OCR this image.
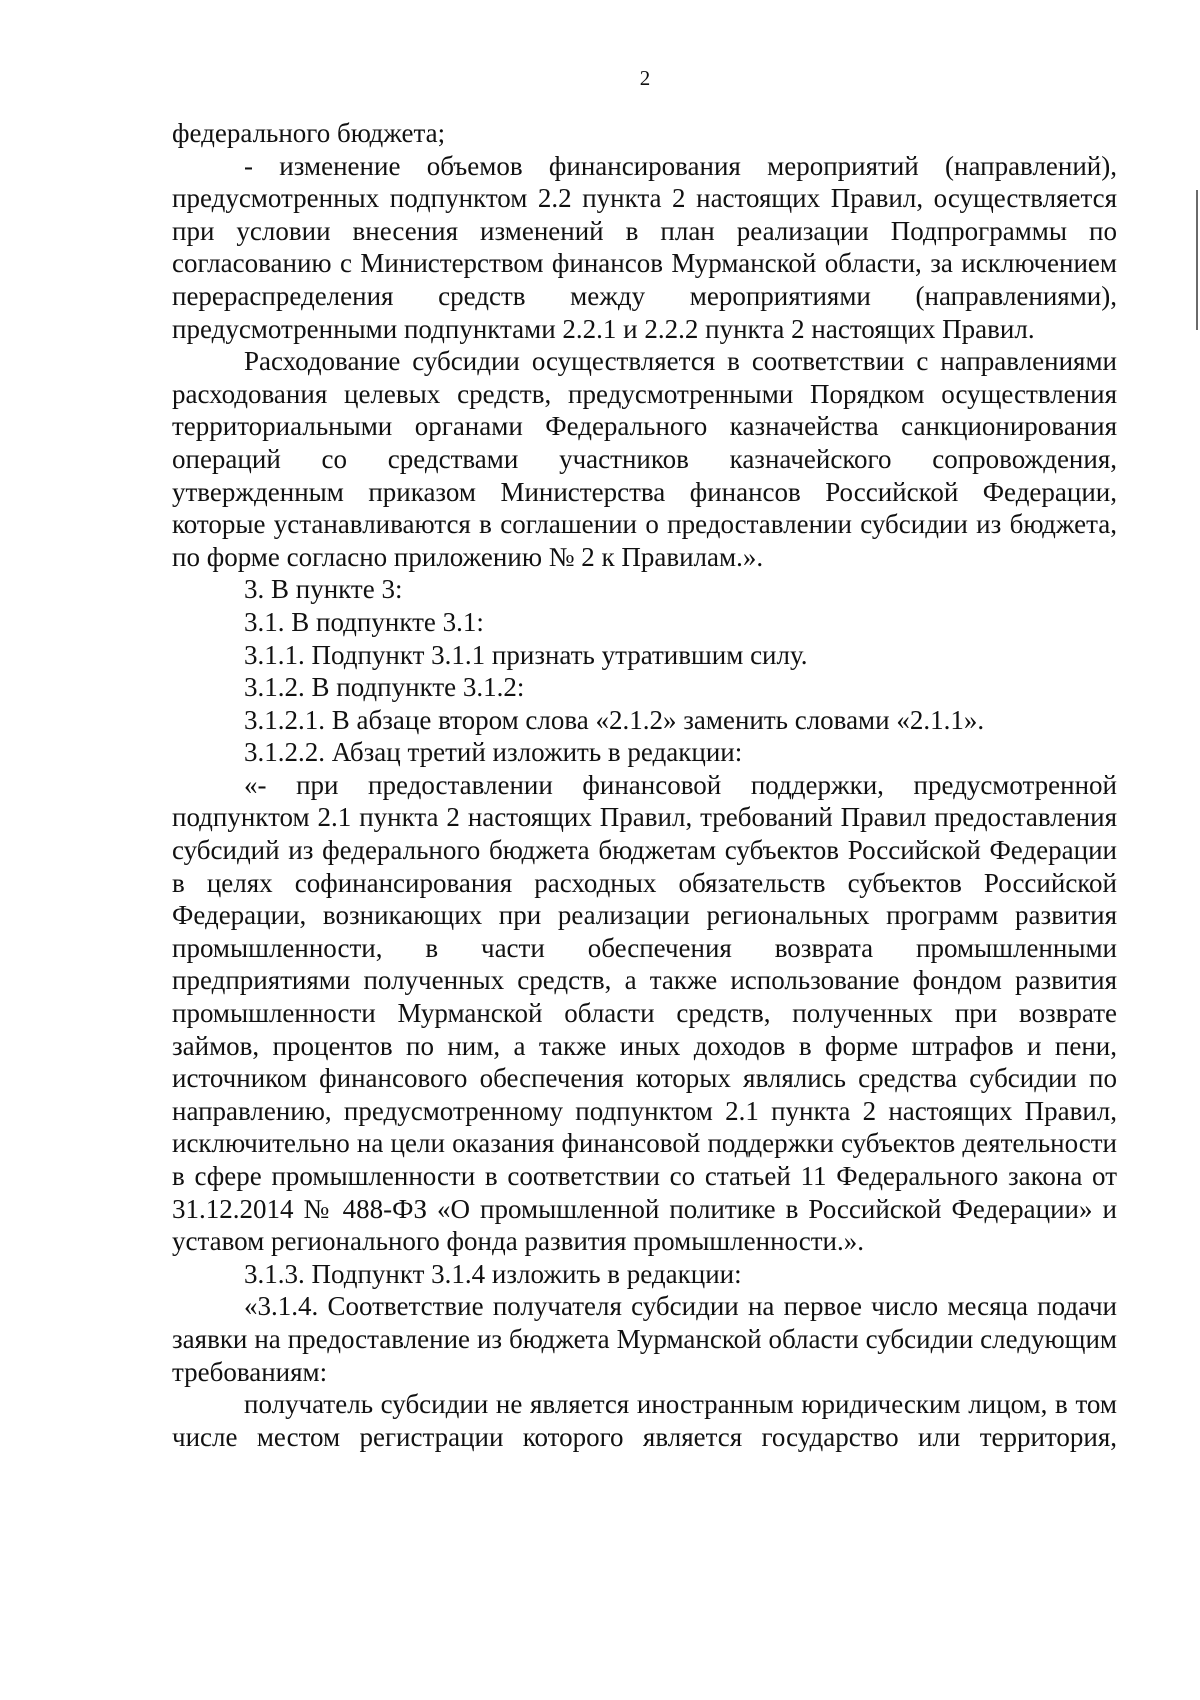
2

федерального бюджета;

- изменение объемов финансирования мероприятий (направлений), предусмотренных подпунктом 2.2 пункта 2 настоящих Правил, осуществляется при условии внесения изменений в план реализации Подпрограммы по согласованию с Министерством финансов Мурманской области, за исключением перераспределения средств между мероприятиями (направлениями), предусмотренными подпунктами 2.2.1 и 2.2.2 пункта 2 настоящих Правил.

Расходование субсидии осуществляется в соответствии с направлениями расходования целевых средств, предусмотренными Порядком осуществления территориальными органами Федерального казначейства санкционирования операций со средствами участников казначейского сопровождения, утвержденным приказом Министерства финансов Российской Федерации, которые устанавливаются в соглашении о предоставлении субсидии из бюджета, по форме согласно приложению № 2 к Правилам.».

3. В пункте 3:

3.1. В подпункте 3.1:

3.1.1. Подпункт 3.1.1 признать утратившим силу.

3.1.2. В подпункте 3.1.2:

3.1.2.1. В абзаце втором слова «2.1.2» заменить словами «2.1.1».

3.1.2.2. Абзац третий изложить в редакции:

«- при предоставлении финансовой поддержки, предусмотренной подпунктом 2.1 пункта 2 настоящих Правил, требований Правил предоставления субсидий из федерального бюджета бюджетам субъектов Российской Федерации в целях софинансирования расходных обязательств субъектов Российской Федерации, возникающих при реализации региональных программ развития промышленности, в части обеспечения возврата промышленными предприятиями полученных средств, а также использование фондом развития промышленности Мурманской области средств, полученных при возврате займов, процентов по ним, а также иных доходов в форме штрафов и пени, источником финансового обеспечения которых являлись средства субсидии по направлению, предусмотренному подпунктом 2.1 пункта 2 настоящих Правил, исключительно на цели оказания финансовой поддержки субъектов деятельности в сфере промышленности в соответствии со статьей 11 Федерального закона от 31.12.2014 № 488-ФЗ «О промышленной политике в Российской Федерации» и уставом регионального фонда развития промышленности.».

3.1.3. Подпункт 3.1.4 изложить в редакции:

«3.1.4. Соответствие получателя субсидии на первое число месяца подачи заявки на предоставление из бюджета Мурманской области субсидии следующим требованиям:

получатель субсидии не является иностранным юридическим лицом, в том числе местом регистрации которого является государство или территория,
